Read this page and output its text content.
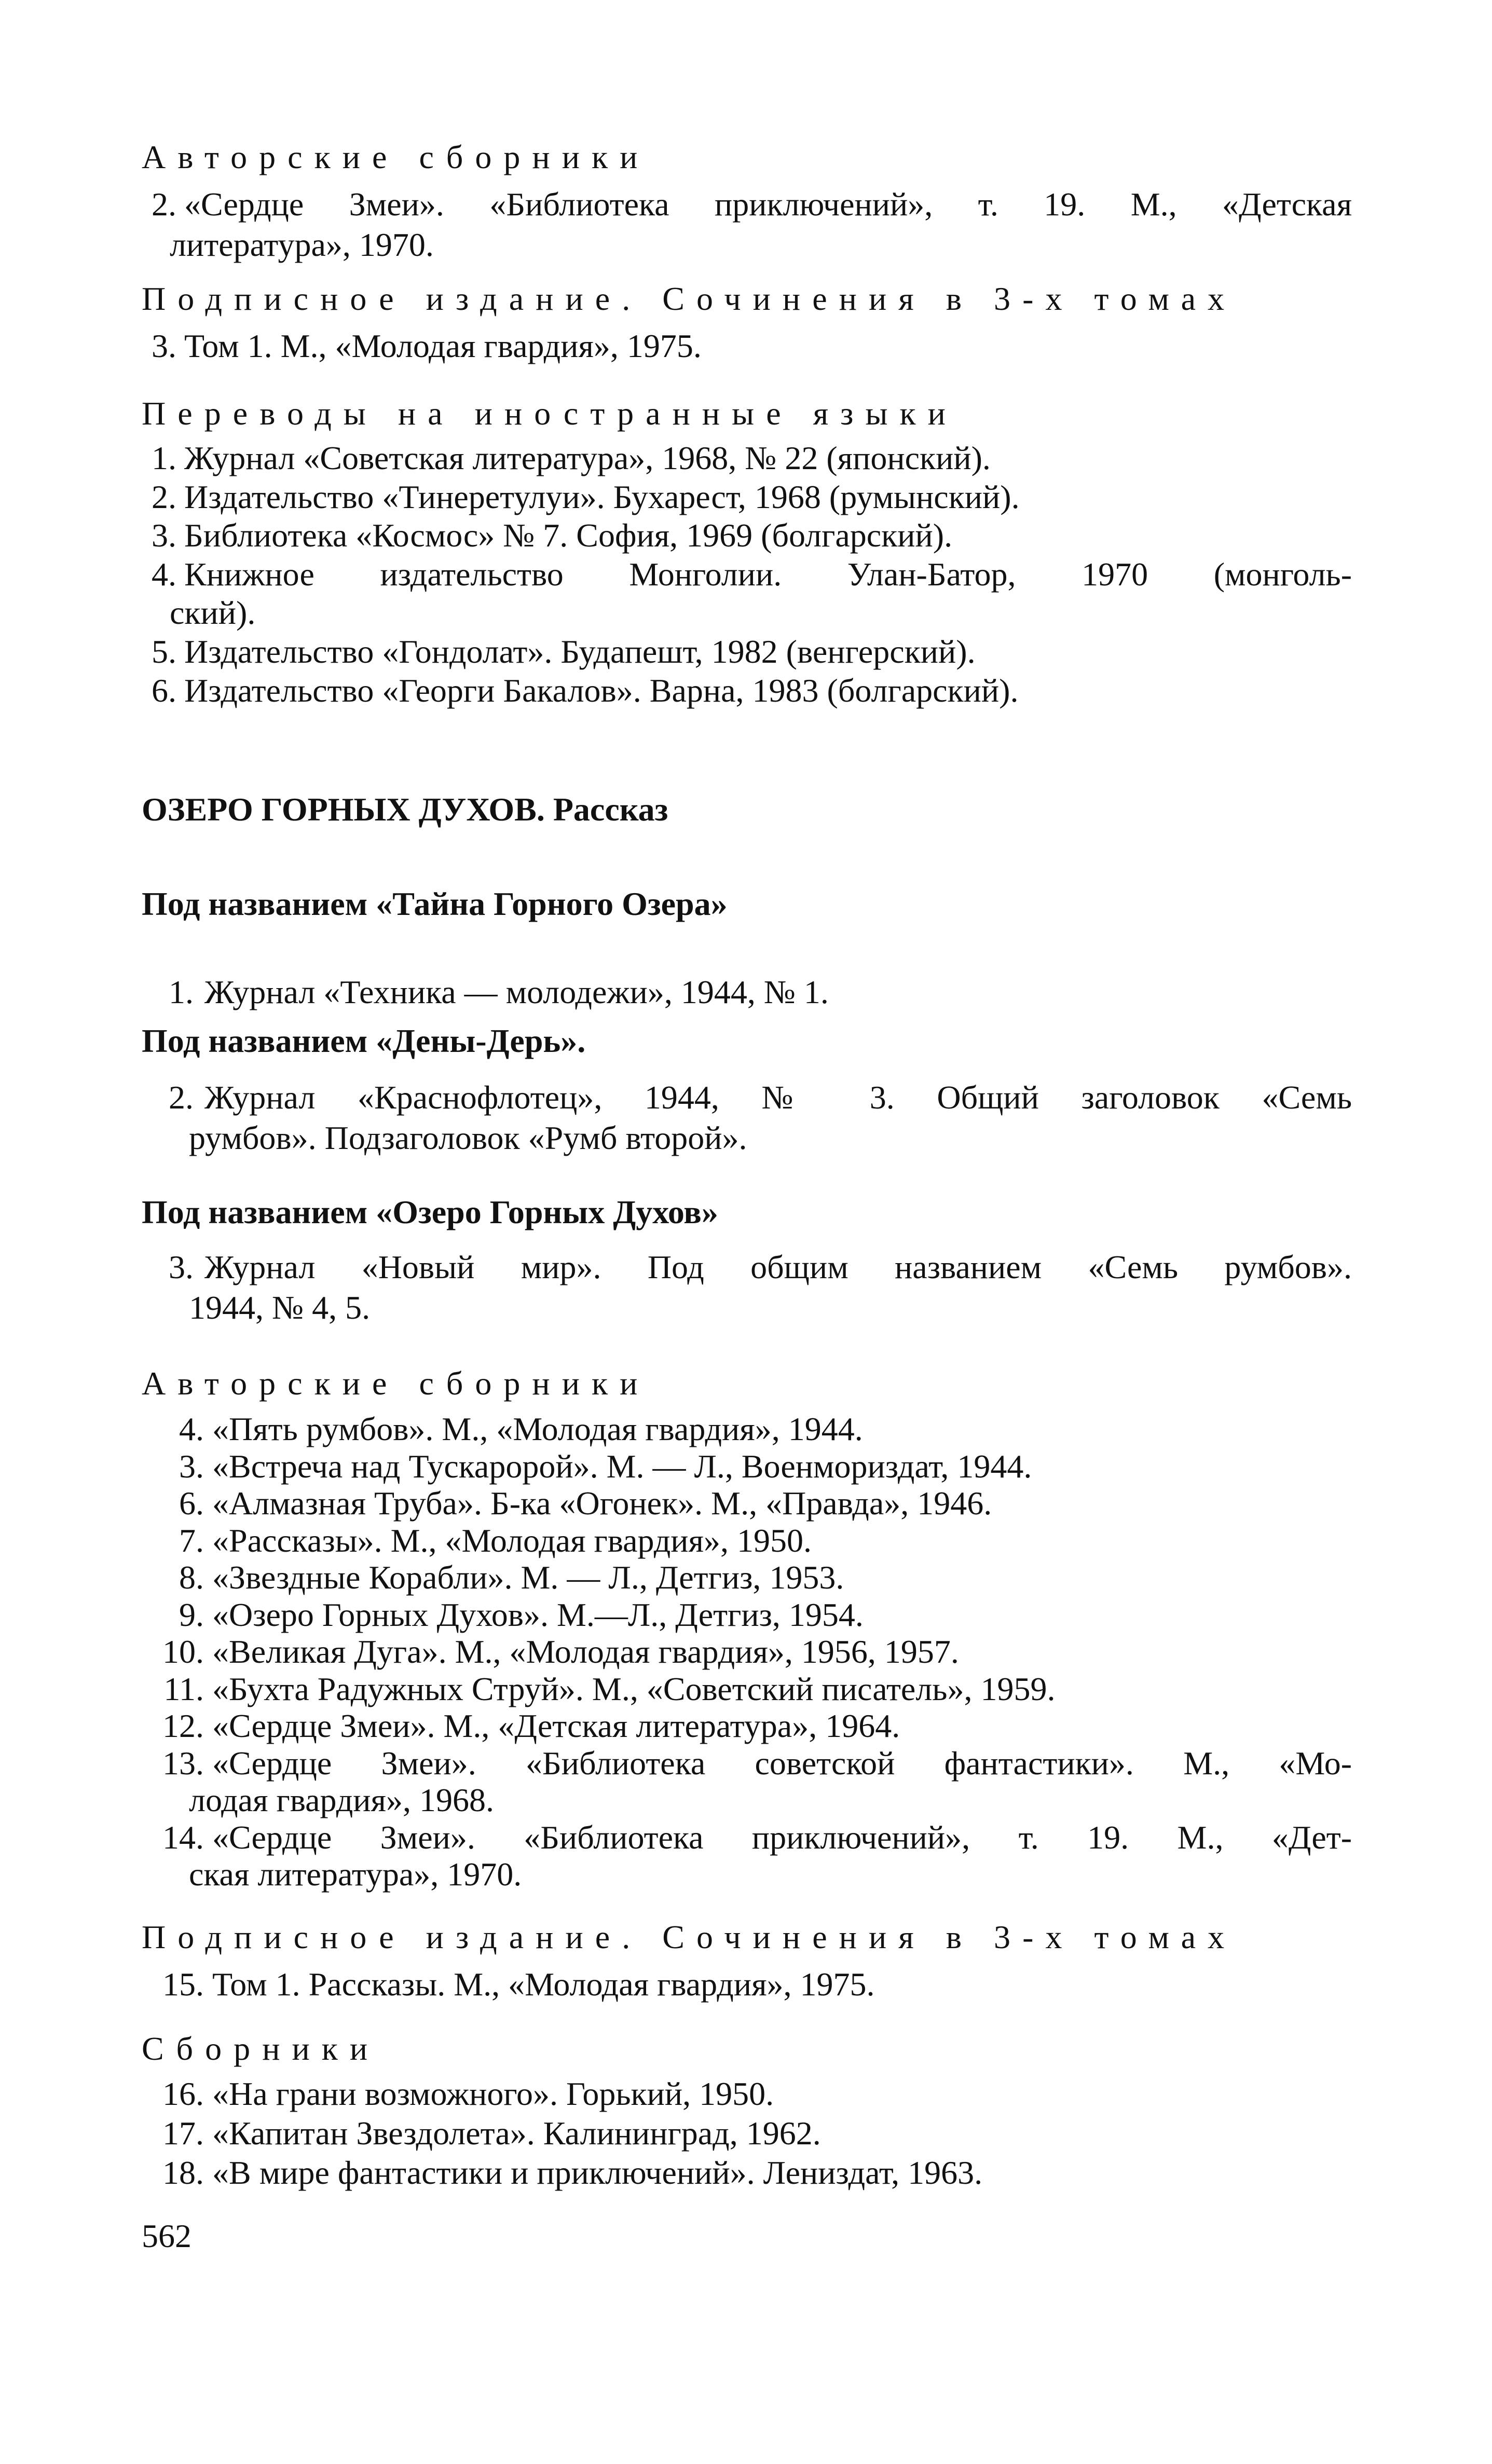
Авторские сборники
2. «Сердце Змеи». «Библиотека приключений», т. 19. М., «Детская
литература», 1970.
Подписное издание. Сочинения в 3-х томах
3. Том 1. М., «Молодая гвардия», 1975.
Переводы на иностранные языки
1. Журнал «Советская литература», 1968, № 22 (японский).
2. Издательство «Тинеретулуи». Бухарест, 1968 (румынский).
3. Библиотека «Космос» № 7. София, 1969 (болгарский).
4. Книжное издательство Монголии. Улан-Батор, 1970 (монголь-
ский).
5. Издательство «Гондолат». Будапешт, 1982 (венгерский).
6. Издательство «Георги Бакалов». Варна, 1983 (болгарский).
ОЗЕРО ГОРНЫХ ДУХОВ. Рассказ
Под названием «Тайна Горного Озера»
1. Журнал «Техника — молодежи», 1944, № 1.
Под названием «Дены-Дерь».
2. Журнал «Краснофлотец», 1944, № 3. Общий заголовок «Семь
румбов». Подзаголовок «Румб второй».
Под названием «Озеро Горных Духов»
3. Журнал «Новый мир». Под общим названием «Семь румбов».
1944, № 4, 5.
Авторские сборники
4. «Пять румбов». М., «Молодая гвардия», 1944.
3. «Встреча над Тускаророй». М. — Л., Военмориздат, 1944.
6. «Алмазная Труба». Б-ка «Огонек». М., «Правда», 1946.
7. «Рассказы». М., «Молодая гвардия», 1950.
8. «Звездные Корабли». М. — Л., Детгиз, 1953.
9. «Озеро Горных Духов». М.—Л., Детгиз, 1954.
10. «Великая Дуга». М., «Молодая гвардия», 1956, 1957.
11. «Бухта Радужных Струй». М., «Советский писатель», 1959.
12. «Сердце Змеи». М., «Детская литература», 1964.
13. «Сердце Змеи». «Библиотека советской фантастики». М., «Мо-
лодая гвардия», 1968.
14. «Сердце Змеи». «Библиотека приключений», т. 19. М., «Дет-
ская литература», 1970.
Подписное издание. Сочинения в 3-х томах
15. Том 1. Рассказы. М., «Молодая гвардия», 1975.
Сборники
16. «На грани возможного». Горький, 1950.
17. «Капитан Звездолета». Калининград, 1962.
18. «В мире фантастики и приключений». Лениздат, 1963.
562
